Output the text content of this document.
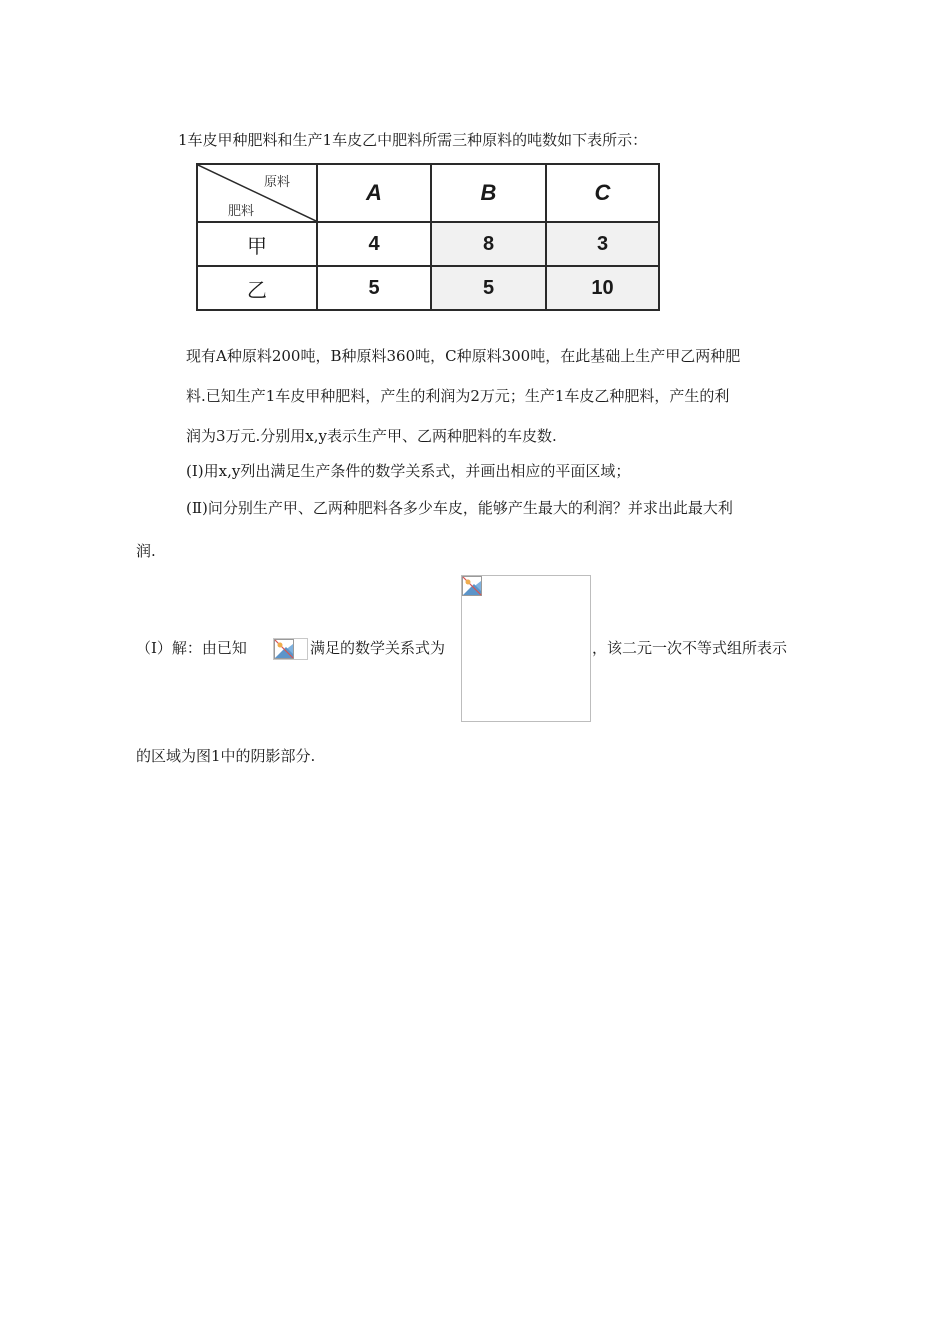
1车皮甲种肥料和生产1车皮乙中肥料所需三种原料的吨数如下表所示：
原料
肥料	A	B	C
甲	4	8	3
乙	5	5	10
现有A种原料200吨，B种原料360吨，C种原料300吨，在此基础上生产甲乙两种肥
料.已知生产1车皮甲种肥料，产生的利润为2万元；生产1车皮乙种肥料，产生的利
润为3万元.分别用x,y表示生产甲、乙两种肥料的车皮数.
(Ⅰ)用x,y列出满足生产条件的数学关系式，并画出相应的平面区域；
(Ⅱ)问分别生产甲、乙两种肥料各多少车皮，能够产生最大的利润？并求出此最大利
润.
（Ⅰ）解：由已知	满足的数学关系式为	，该二元一次不等式组所表示
的区域为图1中的阴影部分.
